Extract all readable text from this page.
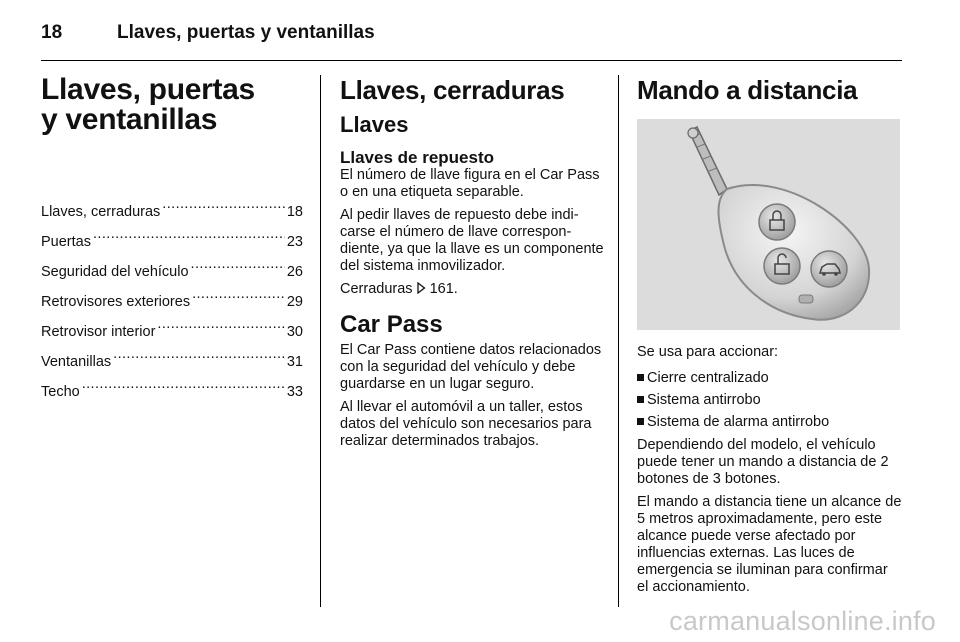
18	Llaves, puertas y ventanillas
Llaves, puertas
y ventanillas
Llaves, cerraduras .....	18
Puertas .....	23
Seguridad del vehículo .....	26
Retrovisores exteriores .....	29
Retrovisor interior .....	30
Ventanillas .....	31
Techo .....	33
Llaves, cerraduras
Llaves
Llaves de repuesto

El número de llave figura en el Car Pass o en una etiqueta separable.

Al pedir llaves de repuesto debe indicarse el número de llave correspondiente, ya que la llave es un componente del sistema inmovilizador.

Cerraduras 161.

Car Pass

El Car Pass contiene datos relacionados con la seguridad del vehículo y debe guardarse en un lugar seguro.

Al llevar el automóvil a un taller, estos datos del vehículo son necesarios para realizar determinados trabajos.

Mando a distancia

Se usa para accionar:

Cierre centralizado
Sistema antirrobo
Sistema de alarma antirrobo

Dependiendo del modelo, el vehículo puede tener un mando a distancia de 2 botones de 3 botones.

El mando a distancia tiene un alcance de 5 metros aproximadamente, pero este alcance puede verse afectado por influencias externas. Las luces de emergencia se iluminan para confirmar el accionamiento.

carmanualsonline.info
